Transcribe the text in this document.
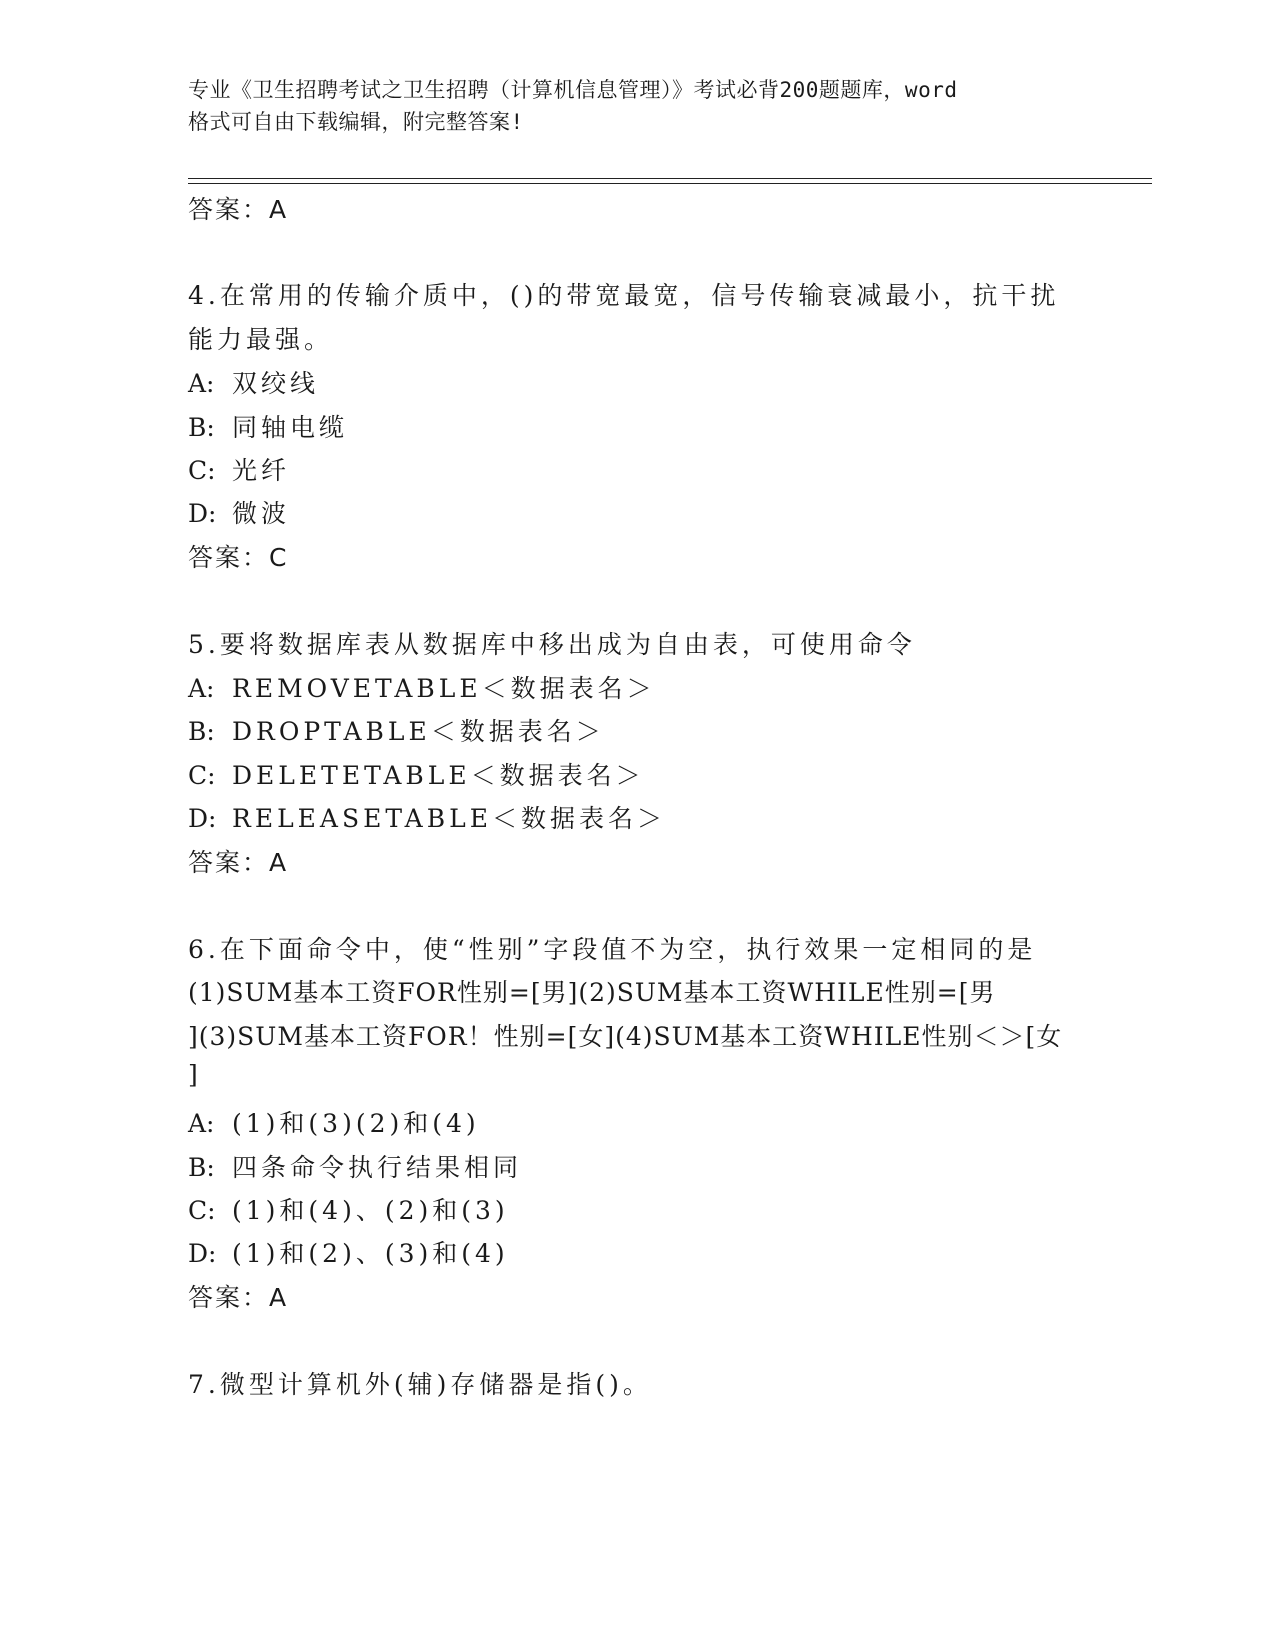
专业《卫生招聘考试之卫生招聘（计算机信息管理）》考试必背200题题库，word
格式可自由下载编辑，附完整答案!
答案：A
4.在常用的传输介质中，()的带宽最宽，信号传输衰减最小，抗干扰
能力最强。
A: 双绞线
B: 同轴电缆
C: 光纤
D: 微波
答案：C
5.要将数据库表从数据库中移出成为自由表，可使用命令
A: REMOVETABLE＜数据表名＞
B: DROPTABLE＜数据表名＞
C: DELETETABLE＜数据表名＞
D: RELEASETABLE＜数据表名＞
答案：A
6.在下面命令中，使“性别”字段值不为空，执行效果一定相同的是
(1)SUM基本工资FOR性别=[男](2)SUM基本工资WHILE性别=[男
](3)SUM基本工资FOR！性别=[女](4)SUM基本工资WHILE性别＜＞[女
]
A: (1)和(3)(2)和(4)
B: 四条命令执行结果相同
C: (1)和(4)、(2)和(3)
D: (1)和(2)、(3)和(4)
答案：A
7.微型计算机外(辅)存储器是指()。
